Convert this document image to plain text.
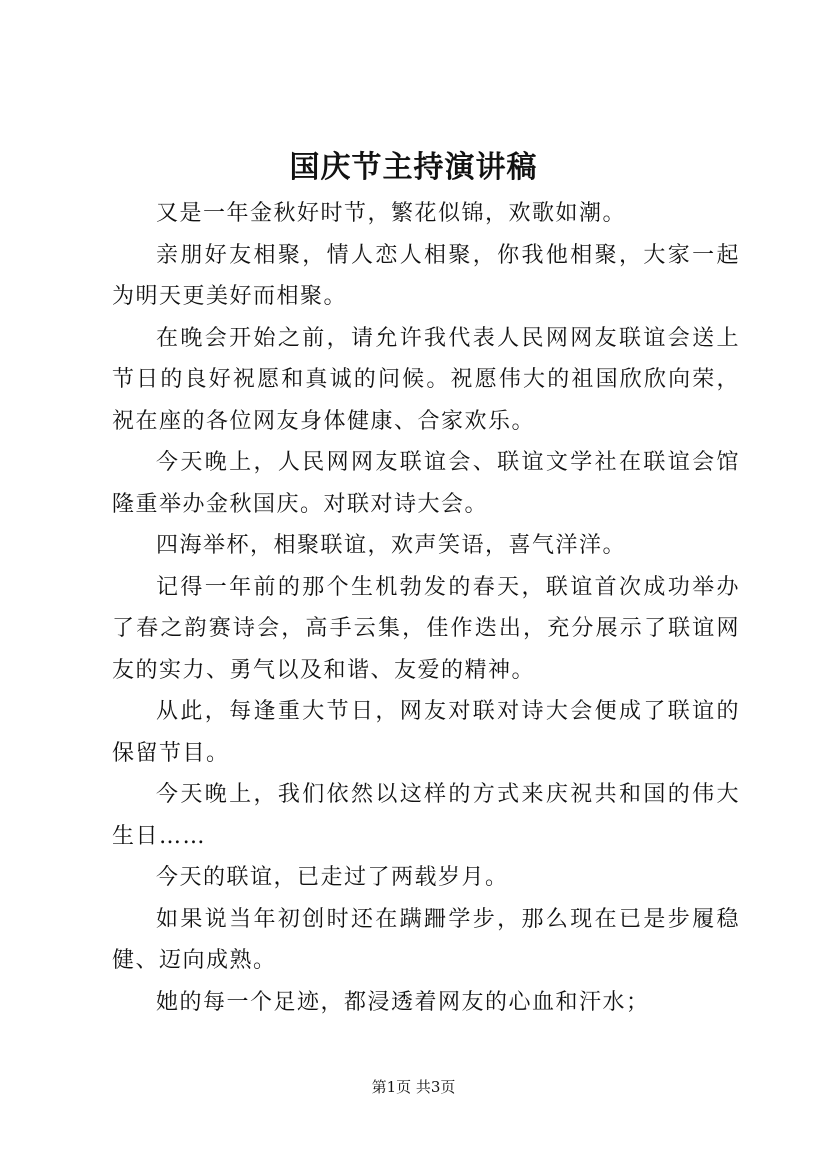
国庆节主持演讲稿

又是一年金秋好时节，繁花似锦，欢歌如潮。

亲朋好友相聚，情人恋人相聚，你我他相聚，大家一起为明天更美好而相聚。

在晚会开始之前，请允许我代表人民网网友联谊会送上节日的良好祝愿和真诚的问候。祝愿伟大的祖国欣欣向荣，祝在座的各位网友身体健康、合家欢乐。

今天晚上，人民网网友联谊会、联谊文学社在联谊会馆隆重举办金秋国庆。对联对诗大会。

四海举杯，相聚联谊，欢声笑语，喜气洋洋。

记得一年前的那个生机勃发的春天，联谊首次成功举办了春之韵赛诗会，高手云集，佳作迭出，充分展示了联谊网友的实力、勇气以及和谐、友爱的精神。

从此，每逢重大节日，网友对联对诗大会便成了联谊的保留节目。

今天晚上，我们依然以这样的方式来庆祝共和国的伟大生日……

今天的联谊，已走过了两载岁月。

如果说当年初创时还在蹒跚学步，那么现在已是步履稳健、迈向成熟。

她的每一个足迹，都浸透着网友的心血和汗水；

第1页 共3页
